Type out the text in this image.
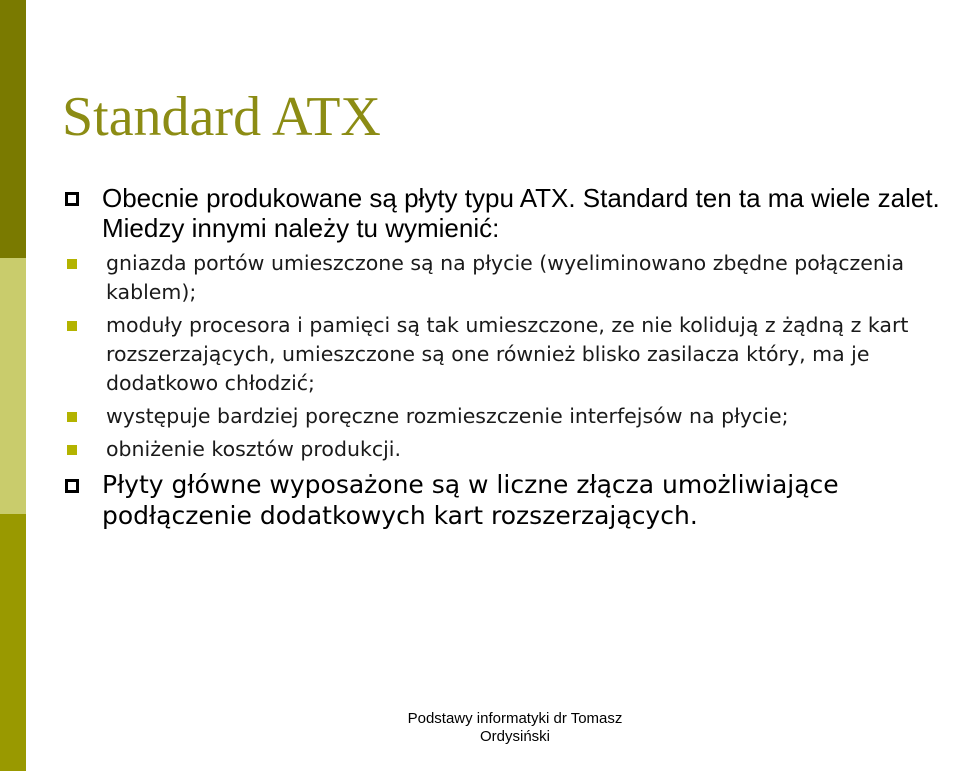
Standard ATX
Obecnie produkowane są płyty typu ATX. Standard ten ta ma wiele zalet. Miedzy innymi należy tu wymienić:
gniazda portów umieszczone są na płycie (wyeliminowano zbędne połączenia kablem);
moduły procesora i pamięci są tak umieszczone, ze nie kolidują z żądną z kart rozszerzających, umieszczone są one również blisko zasilacza który, ma je dodatkowo chłodzić;
występuje bardziej poręczne rozmieszczenie interfejsów na płycie;
obniżenie kosztów produkcji.
Płyty główne wyposażone są w liczne złącza umożliwiające podłączenie dodatkowych kart rozszerzających.
Podstawy informatyki dr Tomasz
Ordysiński
